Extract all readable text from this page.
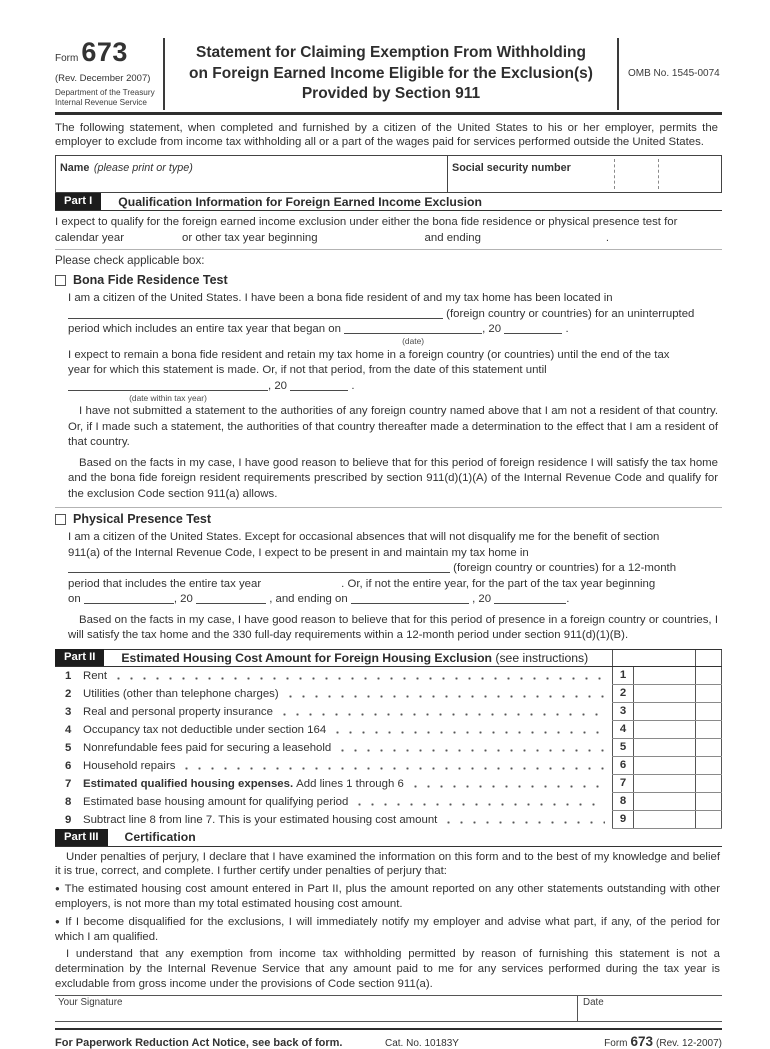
Form 673
(Rev. December 2007)
Department of the Treasury
Internal Revenue Service
Statement for Claiming Exemption From Withholding
on Foreign Earned Income Eligible for the Exclusion(s)
Provided by Section 911
OMB No. 1545-0074

The following statement, when completed and furnished by a citizen of the United States to his or her employer, permits the employer to exclude from income tax withholding all or a part of the wages paid for services performed outside the United States.

Name (please print or type)	Social security number
Part I	Qualification Information for Foreign Earned Income Exclusion
I expect to qualify for the foreign earned income exclusion under either the bona fide residence or physical presence test for
calendar year	or other tax year beginning	and ending	.
Please check applicable box:
Bona Fide Residence Test

I am a citizen of the United States. I have been a bona fide resident of and my tax home has been located in
(foreign country or countries) for an uninterrupted
period which includes an entire tax year that began on
(date)
, 20	.

I expect to remain a bona fide resident and retain my tax home in a foreign country (or countries) until the end of the tax
year for which this statement is made. Or, if not that period, from the date of this statement until
(date within tax year)
, 20	.

I have not submitted a statement to the authorities of any foreign country named above that I am not a resident of that country. Or, if I made such a statement, the authorities of that country thereafter made a determination to the effect that I am a resident of that country.

Based on the facts in my case, I have good reason to believe that for this period of foreign residence I will satisfy the tax home and the bona fide foreign resident requirements prescribed by section 911(d)(1)(A) of the Internal Revenue Code and qualify for the exclusion Code section 911(a) allows.

Physical Presence Test

I am a citizen of the United States. Except for occasional absences that will not disqualify me for the benefit of section
911(a) of the Internal Revenue Code, I expect to be present in and maintain my tax home in
(foreign country or countries) for a 12-month
period that includes the entire tax year	. Or, if not the entire year, for the part of the tax year beginning
on	, 20	, and ending on	, 20	.

Based on the facts in my case, I have good reason to believe that for this period of presence in a foreign country or countries, I will satisfy the tax home and the 330 full-day requirements within a 12-month period under section 911(d)(1)(B).

Part II	Estimated Housing Cost Amount for Foreign Housing Exclusion (see instructions)
1	Rent	1
2	Utilities (other than telephone charges)	2
3	Real and personal property insurance	3
4	Occupancy tax not deductible under section 164	4
5	Nonrefundable fees paid for securing a leasehold	5
6	Household repairs	6
7	Estimated qualified housing expenses. Add lines 1 through 6	7
8	Estimated base housing amount for qualifying period	8
9	Subtract line 8 from line 7. This is your estimated housing cost amount	9
Part III	Certification

Under penalties of perjury, I declare that I have examined the information on this form and to the best of my knowledge and belief it is true, correct, and complete. I further certify under penalties of perjury that:

● The estimated housing cost amount entered in Part II, plus the amount reported on any other statements outstanding with other employers, is not more than my total estimated housing cost amount.

● If I become disqualified for the exclusions, I will immediately notify my employer and advise what part, if any, of the period for which I am qualified.

I understand that any exemption from income tax withholding permitted by reason of furnishing this statement is not a determination by the Internal Revenue Service that any amount paid to me for any services performed during the tax year is excludable from gross income under the provisions of Code section 911(a).

Your Signature	Date
For Paperwork Reduction Act Notice, see back of form.	Cat. No. 10183Y	Form 673 (Rev. 12-2007)
